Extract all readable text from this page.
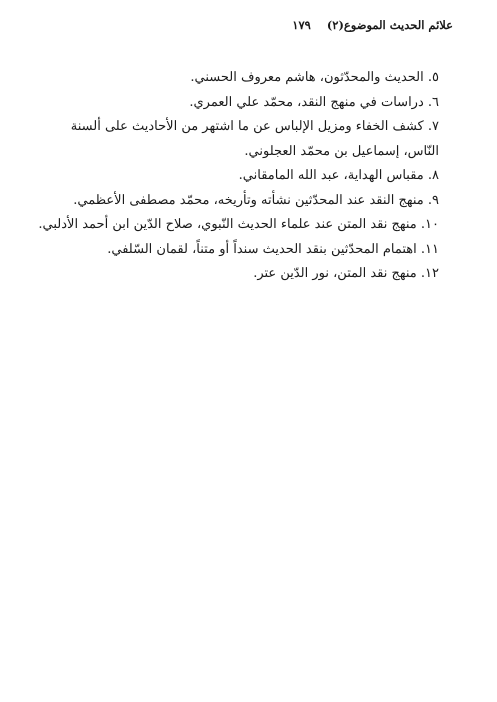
علائم الحديث الموضوع(٢)
١٧٩

٥ . الحديث والمحدّثون، هاشم معروف الحسني.

٦ . دراسات في منهج النقد، محمّد علي العمري.

٧ . كشف الخفاء ومزيل الإلباس عن ما اشتهر من الأحاديث على ألسنة النّاس، إسماعيل بن محمّد العجلوني.

٨ . مقباس الهداية، عبد الله المامقاني.

٩ . منهج النقد عند المحدّثين نشأته وتأريخه، محمّد مصطفى الأعظمي.

١٠ . منهج نقد المتن عند علماء الحديث النّبوي، صلاح الدّين ابن أحمد الأدلبي.

١١ . اهتمام المحدّثين بنقد الحديث سنداً أو متناً، لقمان السّلفي.

١٢ . منهج نقد المتن، نور الدّين عتر.
